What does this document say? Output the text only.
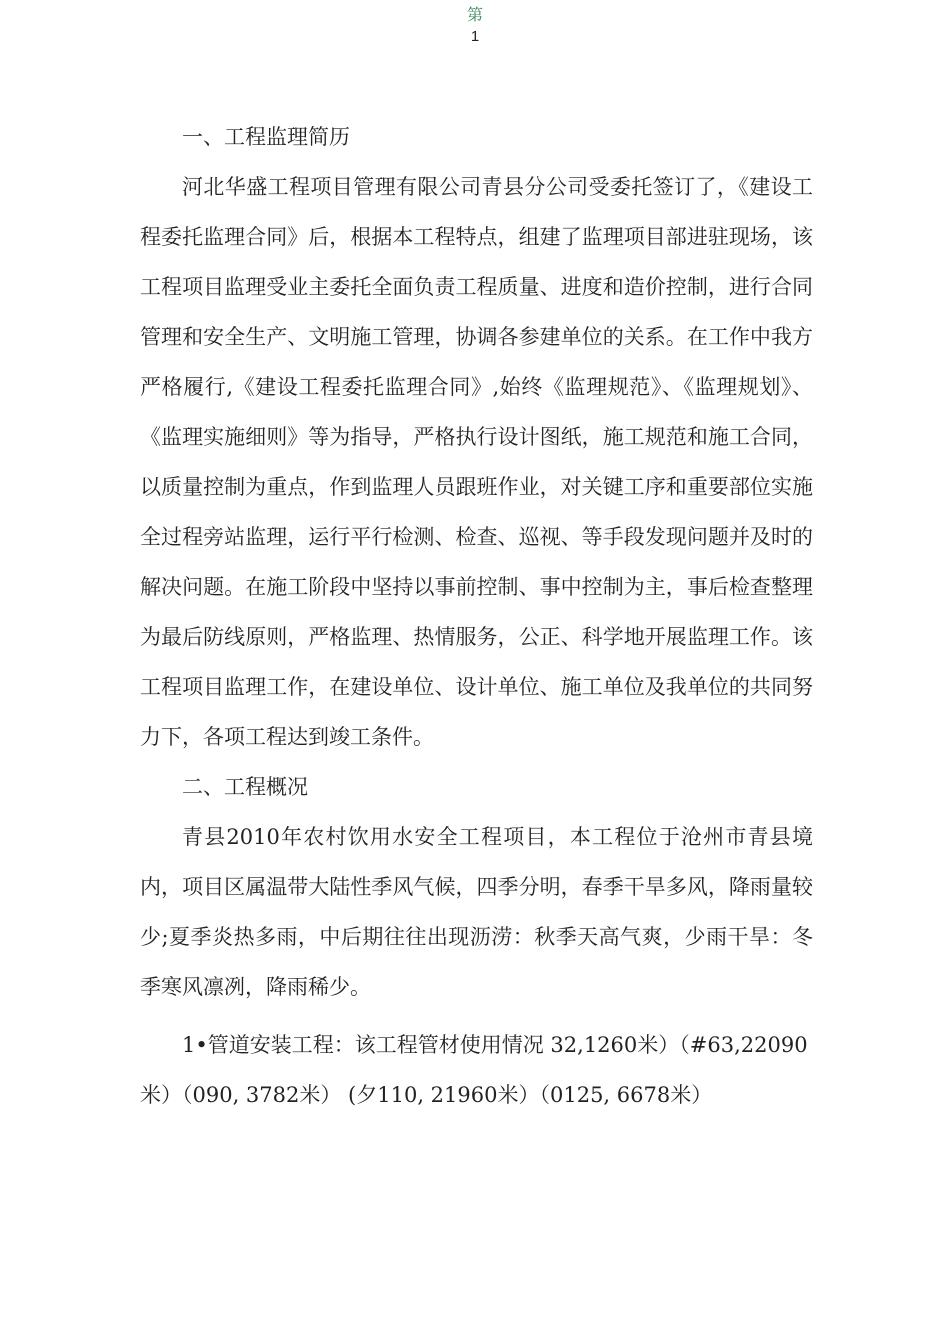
第
1

一、工程监理简历

河北华盛工程项目管理有限公司青县分公司受委托签订了，《建设工程委托监理合同》后，根据本工程特点，组建了监理项目部进驻现场，该工程项目监理受业主委托全面负责工程质量、进度和造价控制，进行合同管理和安全生产、文明施工管理，协调各参建单位的关系。在工作中我方严格履行,《建设工程委托监理合同》,始终《监理规范》、《监理规划》、《监理实施细则》等为指导，严格执行设计图纸，施工规范和施工合同，以质量控制为重点，作到监理人员跟班作业，对关键工序和重要部位实施全过程旁站监理，运行平行检测、检查、巡视、等手段发现问题并及时的解决问题。在施工阶段中坚持以事前控制、事中控制为主，事后检查整理为最后防线原则，严格监理、热情服务，公正、科学地开展监理工作。该工程项目监理工作，在建设单位、设计单位、施工单位及我单位的共同努力下，各项工程达到竣工条件。

二、工程概况

青县2010年农村饮用水安全工程项目，本工程位于沧州市青县境内，项目区属温带大陆性季风气候，四季分明，春季干旱多风，降雨量较少;夏季炎热多雨，中后期往往出现沥涝：秋季天高气爽，少雨干旱：冬季寒风凛冽，降雨稀少。

1•管道安装工程：该工程管材使用情况 32,1260米）（#63,22090米）（090, 3782米） (夕110, 21960米）（0125, 6678米）
